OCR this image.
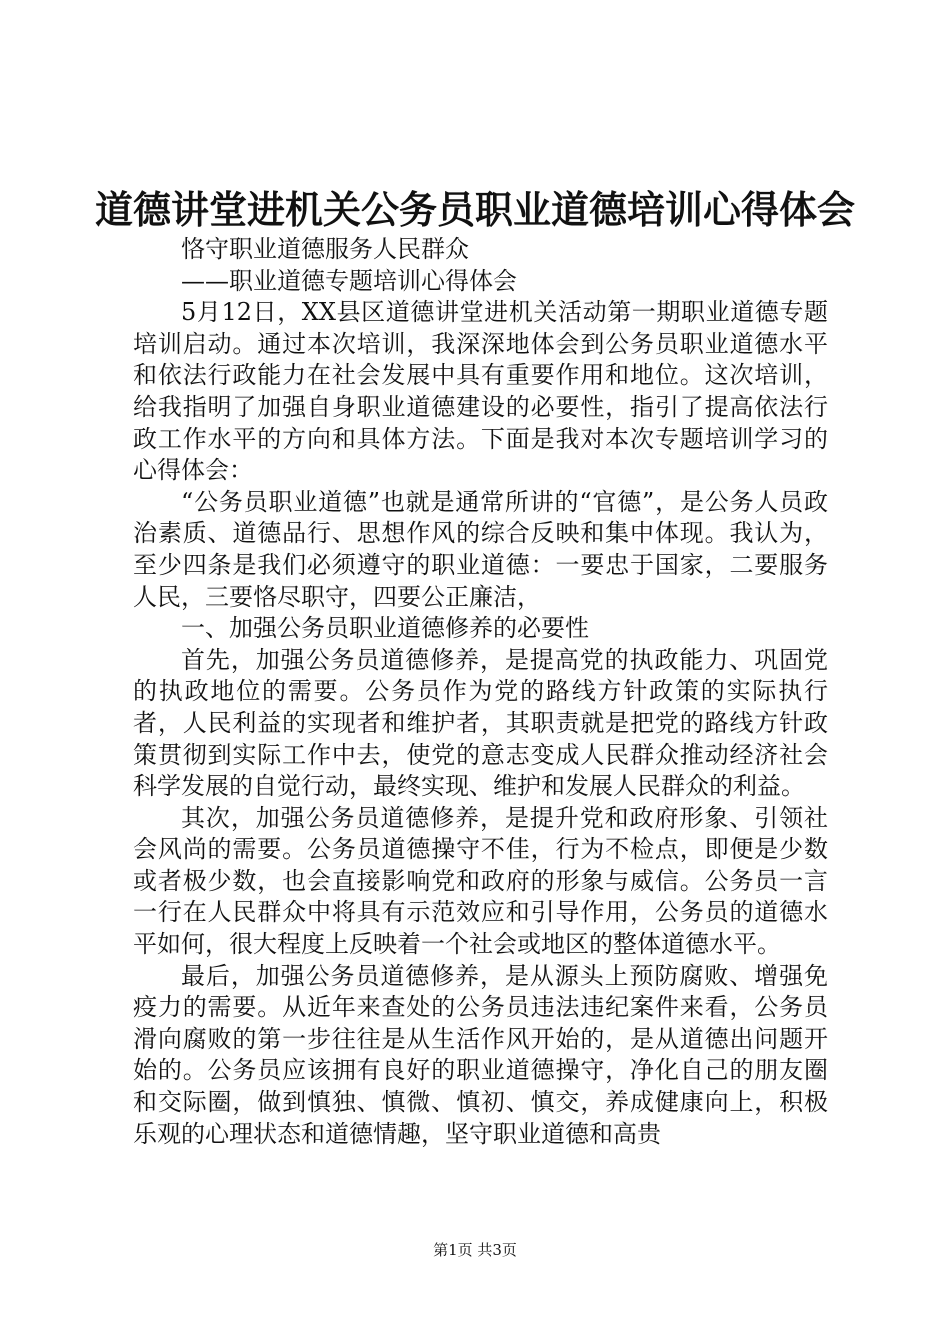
道德讲堂进机关公务员职业道德培训心得体会

恪守职业道德服务人民群众

——职业道德专题培训心得体会

5月12日，XX县区道德讲堂进机关活动第一期职业道德专题培训启动。通过本次培训，我深深地体会到公务员职业道德水平和依法行政能力在社会发展中具有重要作用和地位。这次培训，给我指明了加强自身职业道德建设的必要性，指引了提高依法行政工作水平的方向和具体方法。下面是我对本次专题培训学习的心得体会：

“公务员职业道德”也就是通常所讲的“官德”，是公务人员政治素质、道德品行、思想作风的综合反映和集中体现。我认为，至少四条是我们必须遵守的职业道德：一要忠于国家，二要服务人民，三要恪尽职守，四要公正廉洁，

一、加强公务员职业道德修养的必要性

首先，加强公务员道德修养，是提高党的执政能力、巩固党的执政地位的需要。公务员作为党的路线方针政策的实际执行者，人民利益的实现者和维护者，其职责就是把党的路线方针政策贯彻到实际工作中去，使党的意志变成人民群众推动经济社会科学发展的自觉行动，最终实现、维护和发展人民群众的利益。

其次，加强公务员道德修养，是提升党和政府形象、引领社会风尚的需要。公务员道德操守不佳，行为不检点，即便是少数或者极少数，也会直接影响党和政府的形象与威信。公务员一言一行在人民群众中将具有示范效应和引导作用，公务员的道德水平如何，很大程度上反映着一个社会或地区的整体道德水平。

最后，加强公务员道德修养，是从源头上预防腐败、增强免疫力的需要。从近年来查处的公务员违法违纪案件来看，公务员滑向腐败的第一步往往是从生活作风开始的，是从道德出问题开始的。公务员应该拥有良好的职业道德操守，净化自己的朋友圈和交际圈，做到慎独、慎微、慎初、慎交，养成健康向上，积极乐观的心理状态和道德情趣，坚守职业道德和高贵

第1页 共3页
